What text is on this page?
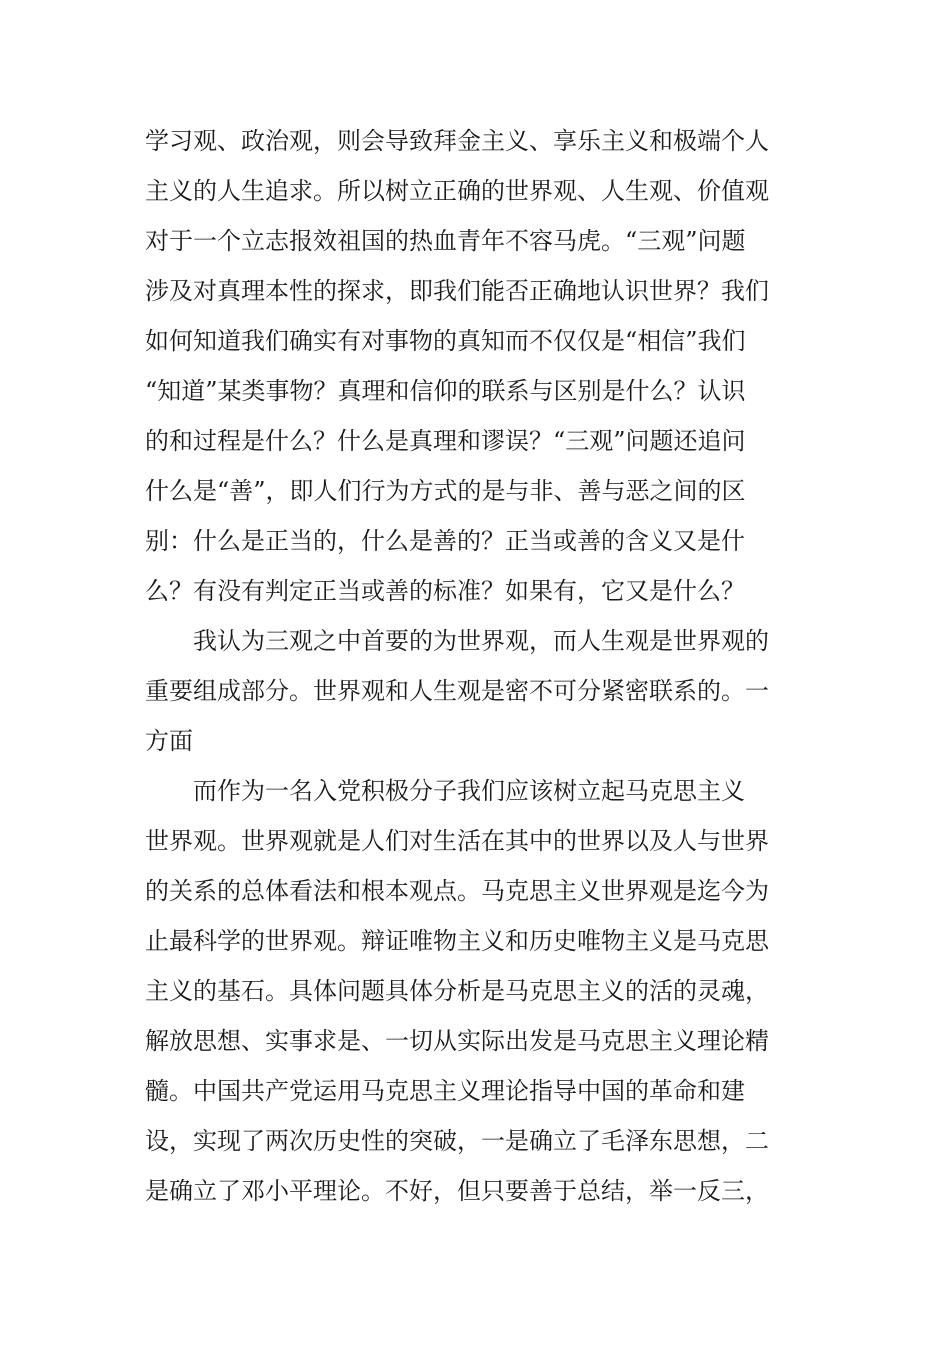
学习观、政治观，则会导致拜金主义、享乐主义和极端个人
主义的人生追求。所以树立正确的世界观、人生观、价值观
对于一个立志报效祖国的热血青年不容马虎。“三观”问题
涉及对真理本性的探求，即我们能否正确地认识世界？我们
如何知道我们确实有对事物的真知而不仅仅是“相信”我们
“知道”某类事物？真理和信仰的联系与区别是什么？认识
的和过程是什么？什么是真理和谬误？“三观”问题还追问
什么是“善”，即人们行为方式的是与非、善与恶之间的区
别：什么是正当的，什么是善的？正当或善的含义又是什
么？有没有判定正当或善的标准？如果有，它又是什么？
我认为三观之中首要的为世界观，而人生观是世界观的
重要组成部分。世界观和人生观是密不可分紧密联系的。一
方面
而作为一名入党积极分子我们应该树立起马克思主义
世界观。世界观就是人们对生活在其中的世界以及人与世界
的关系的总体看法和根本观点。马克思主义世界观是迄今为
止最科学的世界观。辩证唯物主义和历史唯物主义是马克思
主义的基石。具体问题具体分析是马克思主义的活的灵魂，
解放思想、实事求是、一切从实际出发是马克思主义理论精
髓。中国共产党运用马克思主义理论指导中国的革命和建
设，实现了两次历史性的突破，一是确立了毛泽东思想，二
是确立了邓小平理论。不好，但只要善于总结，举一反三，
